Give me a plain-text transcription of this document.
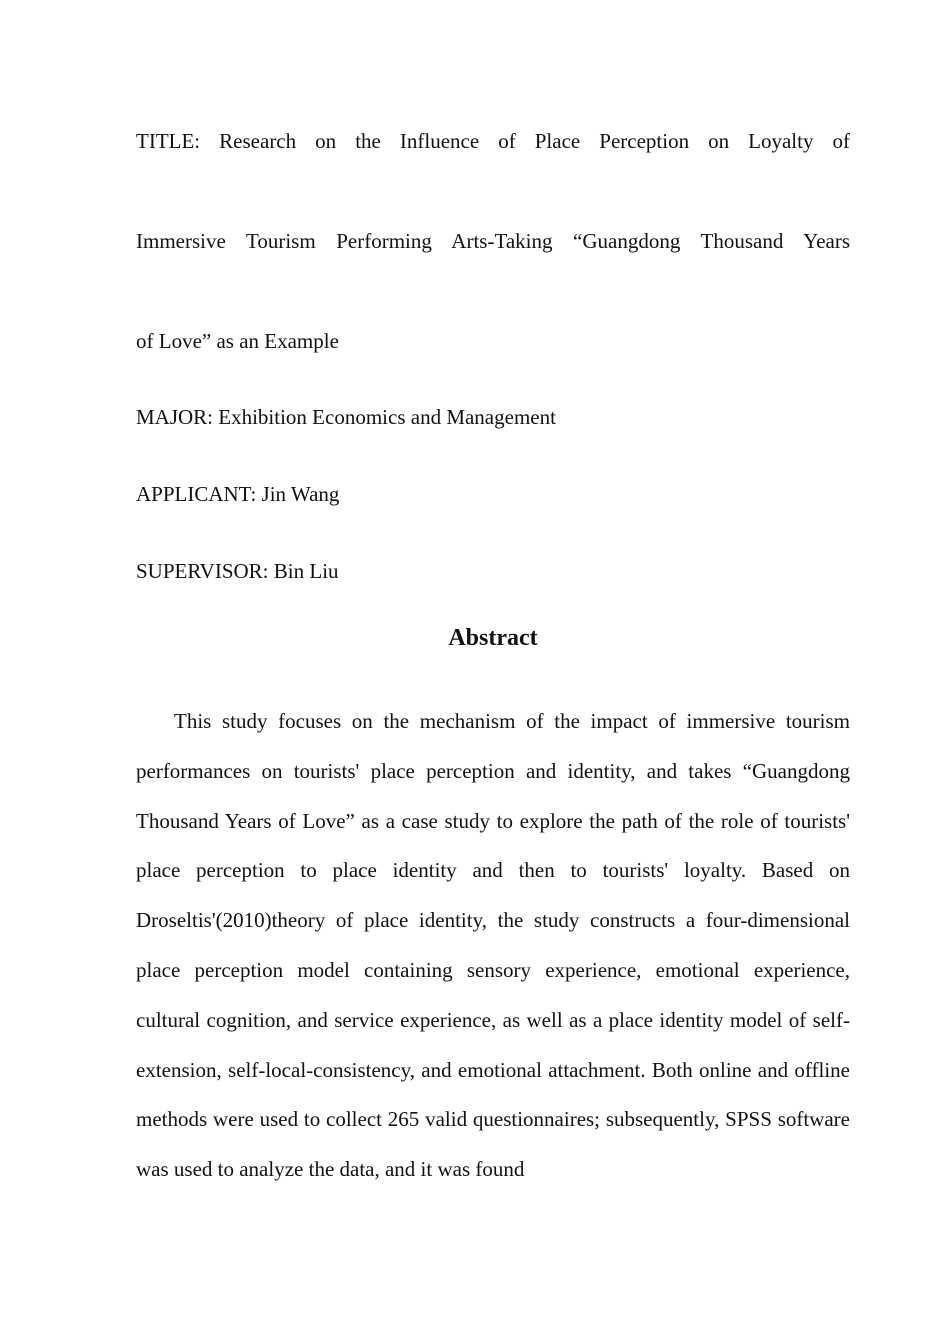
TITLE: Research on the Influence of Place Perception on Loyalty of
Immersive Tourism Performing Arts-Taking “Guangdong Thousand Years
of Love” as an Example
MAJOR: Exhibition Economics and Management
APPLICANT: Jin Wang
SUPERVISOR: Bin Liu
Abstract
This study focuses on the mechanism of the impact of immersive tourism performances on tourists' place perception and identity, and takes “Guangdong Thousand Years of Love” as a case study to explore the path of the role of tourists' place perception to place identity and then to tourists' loyalty. Based on Droseltis'(2010)theory of place identity, the study constructs a four-dimensional place perception model containing sensory experience, emotional experience, cultural cognition, and service experience, as well as a place identity model of self-extension, self-local-consistency, and emotional attachment. Both online and offline methods were used to collect 265 valid questionnaires; subsequently, SPSS software was used to analyze the data, and it was found
